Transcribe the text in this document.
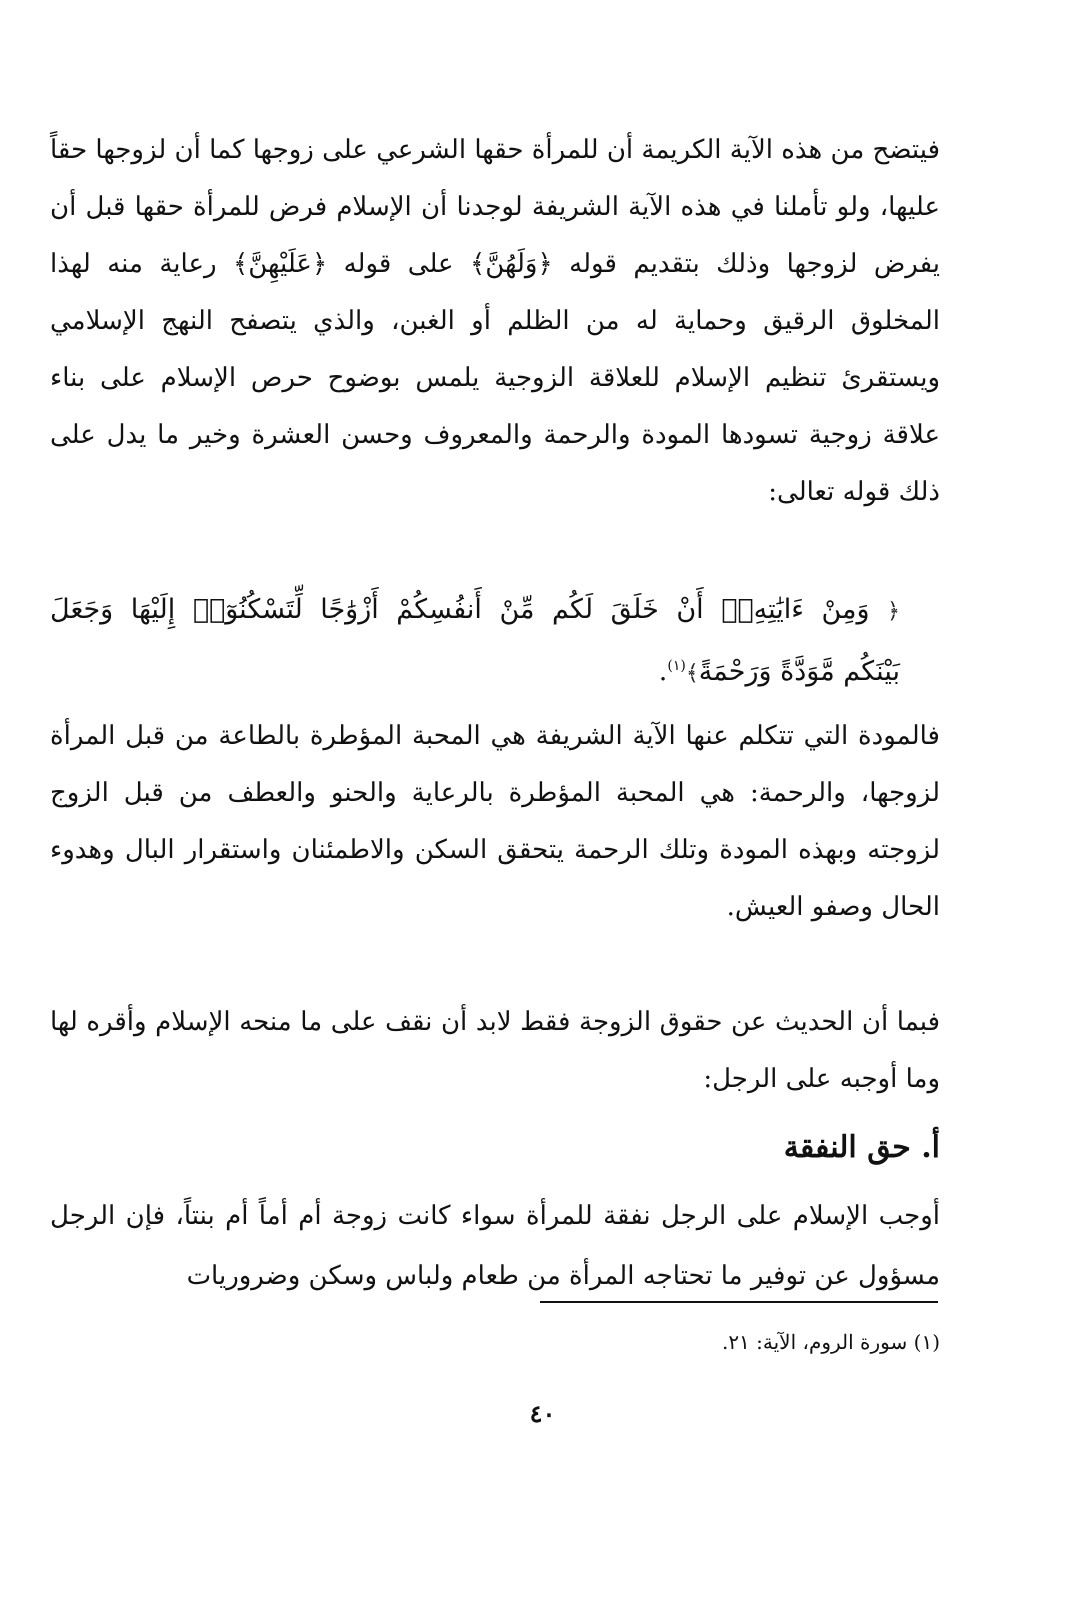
فيتضح من هذه الآية الكريمة أن للمرأة حقها الشرعي على زوجها كما أن لزوجها حقاً عليها، ولو تأملنا في هذه الآية الشريفة لوجدنا أن الإسلام فرض للمرأة حقها قبل أن يفرض لزوجها وذلك بتقديم قوله ﴿وَلَهُنَّ﴾ على قوله ﴿عَلَيْهِنَّ﴾ رعاية منه لهذا المخلوق الرقيق وحماية له من الظلم أو الغبن، والذي يتصفح النهج الإسلامي ويستقرئ تنظيم الإسلام للعلاقة الزوجية يلمس بوضوح حرص الإسلام على بناء علاقة زوجية تسودها المودة والرحمة والمعروف وحسن العشرة وخير ما يدل على ذلك قوله تعالى:
﴿ وَمِنْ ءَايَٰتِهِۦٓ أَنْ خَلَقَ لَكُم مِّنْ أَنفُسِكُمْ أَزْوَٰجًا لِّتَسْكُنُوٓا۟ إِلَيْهَا وَجَعَلَ
بَيْنَكُم مَّوَدَّةً وَرَحْمَةً﴾$^{(١)}$.
فالمودة التي تتكلم عنها الآية الشريفة هي المحبة المؤطرة بالطاعة من قبل المرأة لزوجها، والرحمة: هي المحبة المؤطرة بالرعاية والحنو والعطف من قبل الزوج لزوجته وبهذه المودة وتلك الرحمة يتحقق السكن والاطمئنان واستقرار البال وهدوء الحال وصفو العيش.
فبما أن الحديث عن حقوق الزوجة فقط لابد أن نقف على ما منحه الإسلام وأقره لها وما أوجبه على الرجل:
أ. حق النفقة
أوجب الإسلام على الرجل نفقة للمرأة سواء كانت زوجة أم أماً أم بنتاً، فإن الرجل مسؤول عن توفير ما تحتاجه المرأة من طعام ولباس وسكن وضروريات
(١) سورة الروم، الآية: ٢١.
٤٠
